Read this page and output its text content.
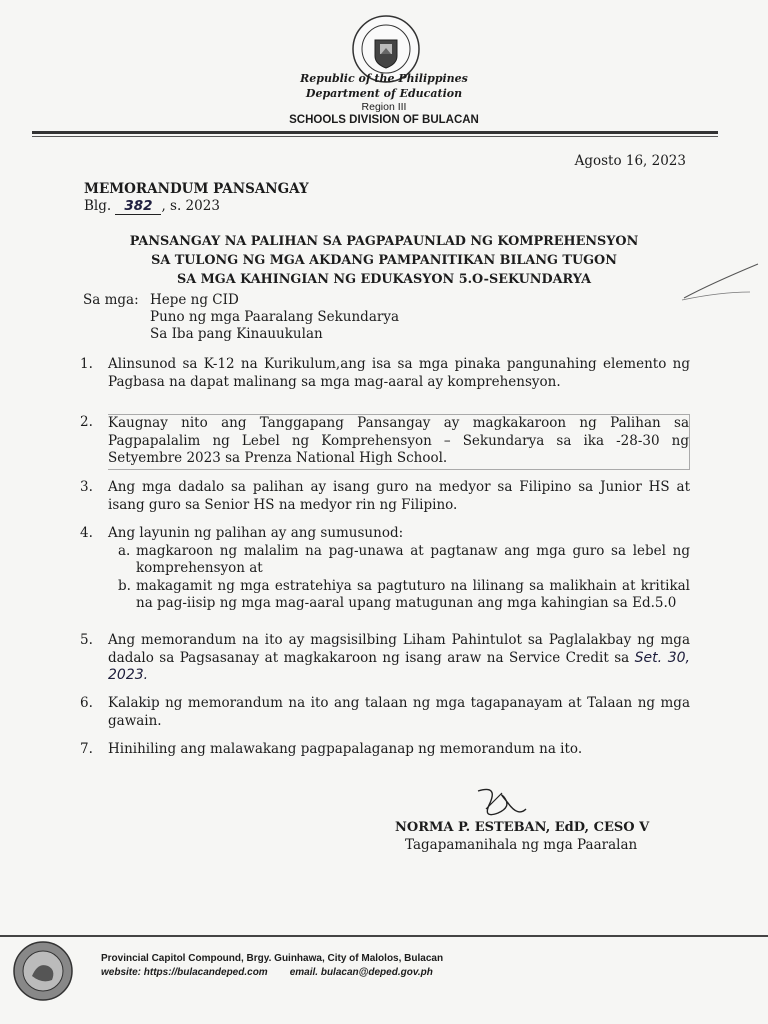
Republic of the Philippines
Department of Education
Region III
SCHOOLS DIVISION OF BULACAN
Agosto 16, 2023
MEMORANDUM PANSANGAY
Blg. 382 , s. 2023
PANSANGAY NA PALIHAN SA PAGPAPAUNLAD NG KOMPREHENSYON
SA TULONG NG MGA AKDANG PAMPANITIKAN BILANG TUGON
SA MGA KAHINGIAN NG EDUKASYON 5.O-SEKUNDARYA
Sa mga: Hepe ng CID
Puno ng mga Paaralang Sekundarya
Sa Iba pang Kinauukulan
1.	Alinsunod sa K-12 na Kurikulum,ang isa sa mga pinaka pangunahing elemento ng Pagbasa na dapat malinang sa mga mag-aaral ay komprehensyon.
2.	Kaugnay nito ang Tanggapang Pansangay ay magkakaroon ng Palihan sa Pagpapalalim ng Lebel ng Komprehensyon – Sekundarya sa ika -28-30 ng Setyembre 2023 sa Prenza National High School.
3.	Ang mga dadalo sa palihan ay isang guro na medyor sa Filipino sa Junior HS at isang guro sa Senior HS na medyor rin ng Filipino.
4.	Ang layunin ng palihan ay ang sumusunod:
a. magkaroon ng malalim na pag-unawa at pagtanaw ang mga guro sa lebel ng komprehensyon at
b. makagamit ng mga estratehiya sa pagtuturo na lilinang sa malikhain at kritikal na pag-iisip ng mga mag-aaral upang matugunan ang mga kahingian sa Ed.5.0
5.	Ang memorandum na ito ay magsisilbing Liham Pahintulot sa Paglalakbay ng mga dadalo sa Pagsasanay at magkakaroon ng isang araw na Service Credit sa Set. 30, 2023.
6.	Kalakip ng memorandum na ito ang talaan ng mga tagapanayam at Talaan ng mga gawain.
7.	Hinihiling ang malawakang pagpapalaganap ng memorandum na ito.
NORMA P. ESTEBAN, EdD, CESO V
Tagapamanihala ng mga Paaralan
Provincial Capitol Compound, Brgy. Guinhawa, City of Malolos, Bulacan
website: https://bulacandeped.com email. bulacan@deped.gov.ph
